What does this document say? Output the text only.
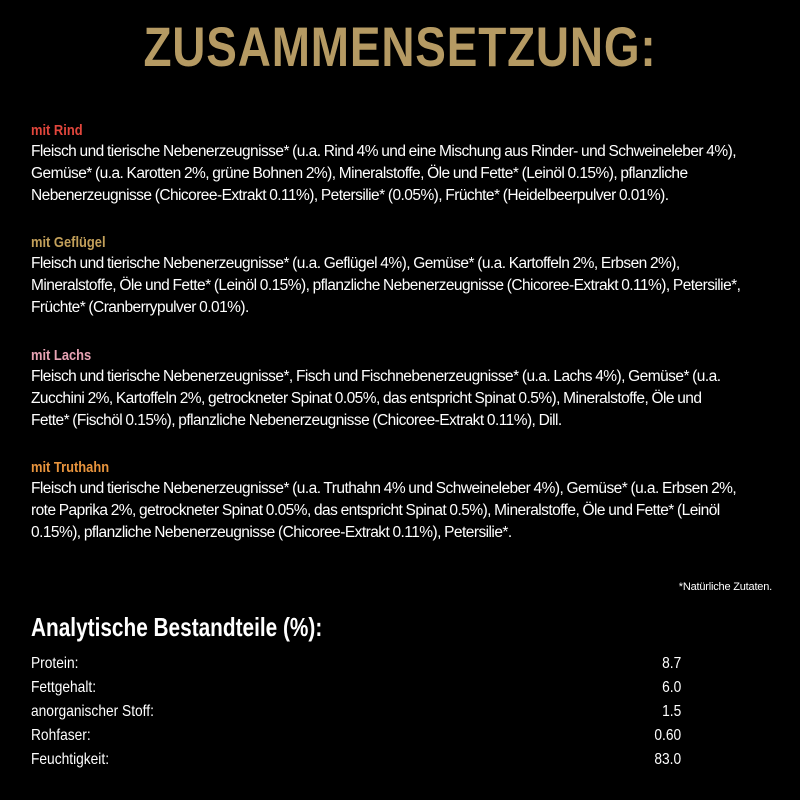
ZUSAMMENSETZUNG:
mit Rind
Fleisch und tierische Nebenerzeugnisse* (u.a. Rind 4% und eine Mischung aus Rinder- und Schweineleber 4%),
Gemüse* (u.a. Karotten 2%, grüne Bohnen 2%), Mineralstoffe, Öle und Fette* (Leinöl 0.15%), pflanzliche
Nebenerzeugnisse (Chicoree-Extrakt 0.11%), Petersilie* (0.05%), Früchte* (Heidelbeerpulver 0.01%).
mit Geflügel
Fleisch und tierische Nebenerzeugnisse* (u.a. Geflügel 4%), Gemüse* (u.a. Kartoffeln 2%, Erbsen 2%),
Mineralstoffe, Öle und Fette* (Leinöl 0.15%), pflanzliche Nebenerzeugnisse (Chicoree-Extrakt 0.11%), Petersilie*,
Früchte* (Cranberrypulver 0.01%).
mit Lachs
Fleisch und tierische Nebenerzeugnisse*, Fisch und Fischnebenerzeugnisse* (u.a. Lachs 4%), Gemüse* (u.a.
Zucchini 2%, Kartoffeln 2%, getrockneter Spinat 0.05%, das entspricht Spinat 0.5%), Mineralstoffe, Öle und
Fette* (Fischöl 0.15%), pflanzliche Nebenerzeugnisse (Chicoree-Extrakt 0.11%), Dill.
mit Truthahn
Fleisch und tierische Nebenerzeugnisse* (u.a. Truthahn 4% und Schweineleber 4%), Gemüse* (u.a. Erbsen 2%,
rote Paprika 2%, getrockneter Spinat 0.05%, das entspricht Spinat 0.5%), Mineralstoffe, Öle und Fette* (Leinöl
0.15%), pflanzliche Nebenerzeugnisse (Chicoree-Extrakt 0.11%), Petersilie*.
*Natürliche Zutaten.
Analytische Bestandteile (%):
Protein:	8.7
Fettgehalt:	6.0
anorganischer Stoff:	1.5
Rohfaser:	0.60
Feuchtigkeit:	83.0
